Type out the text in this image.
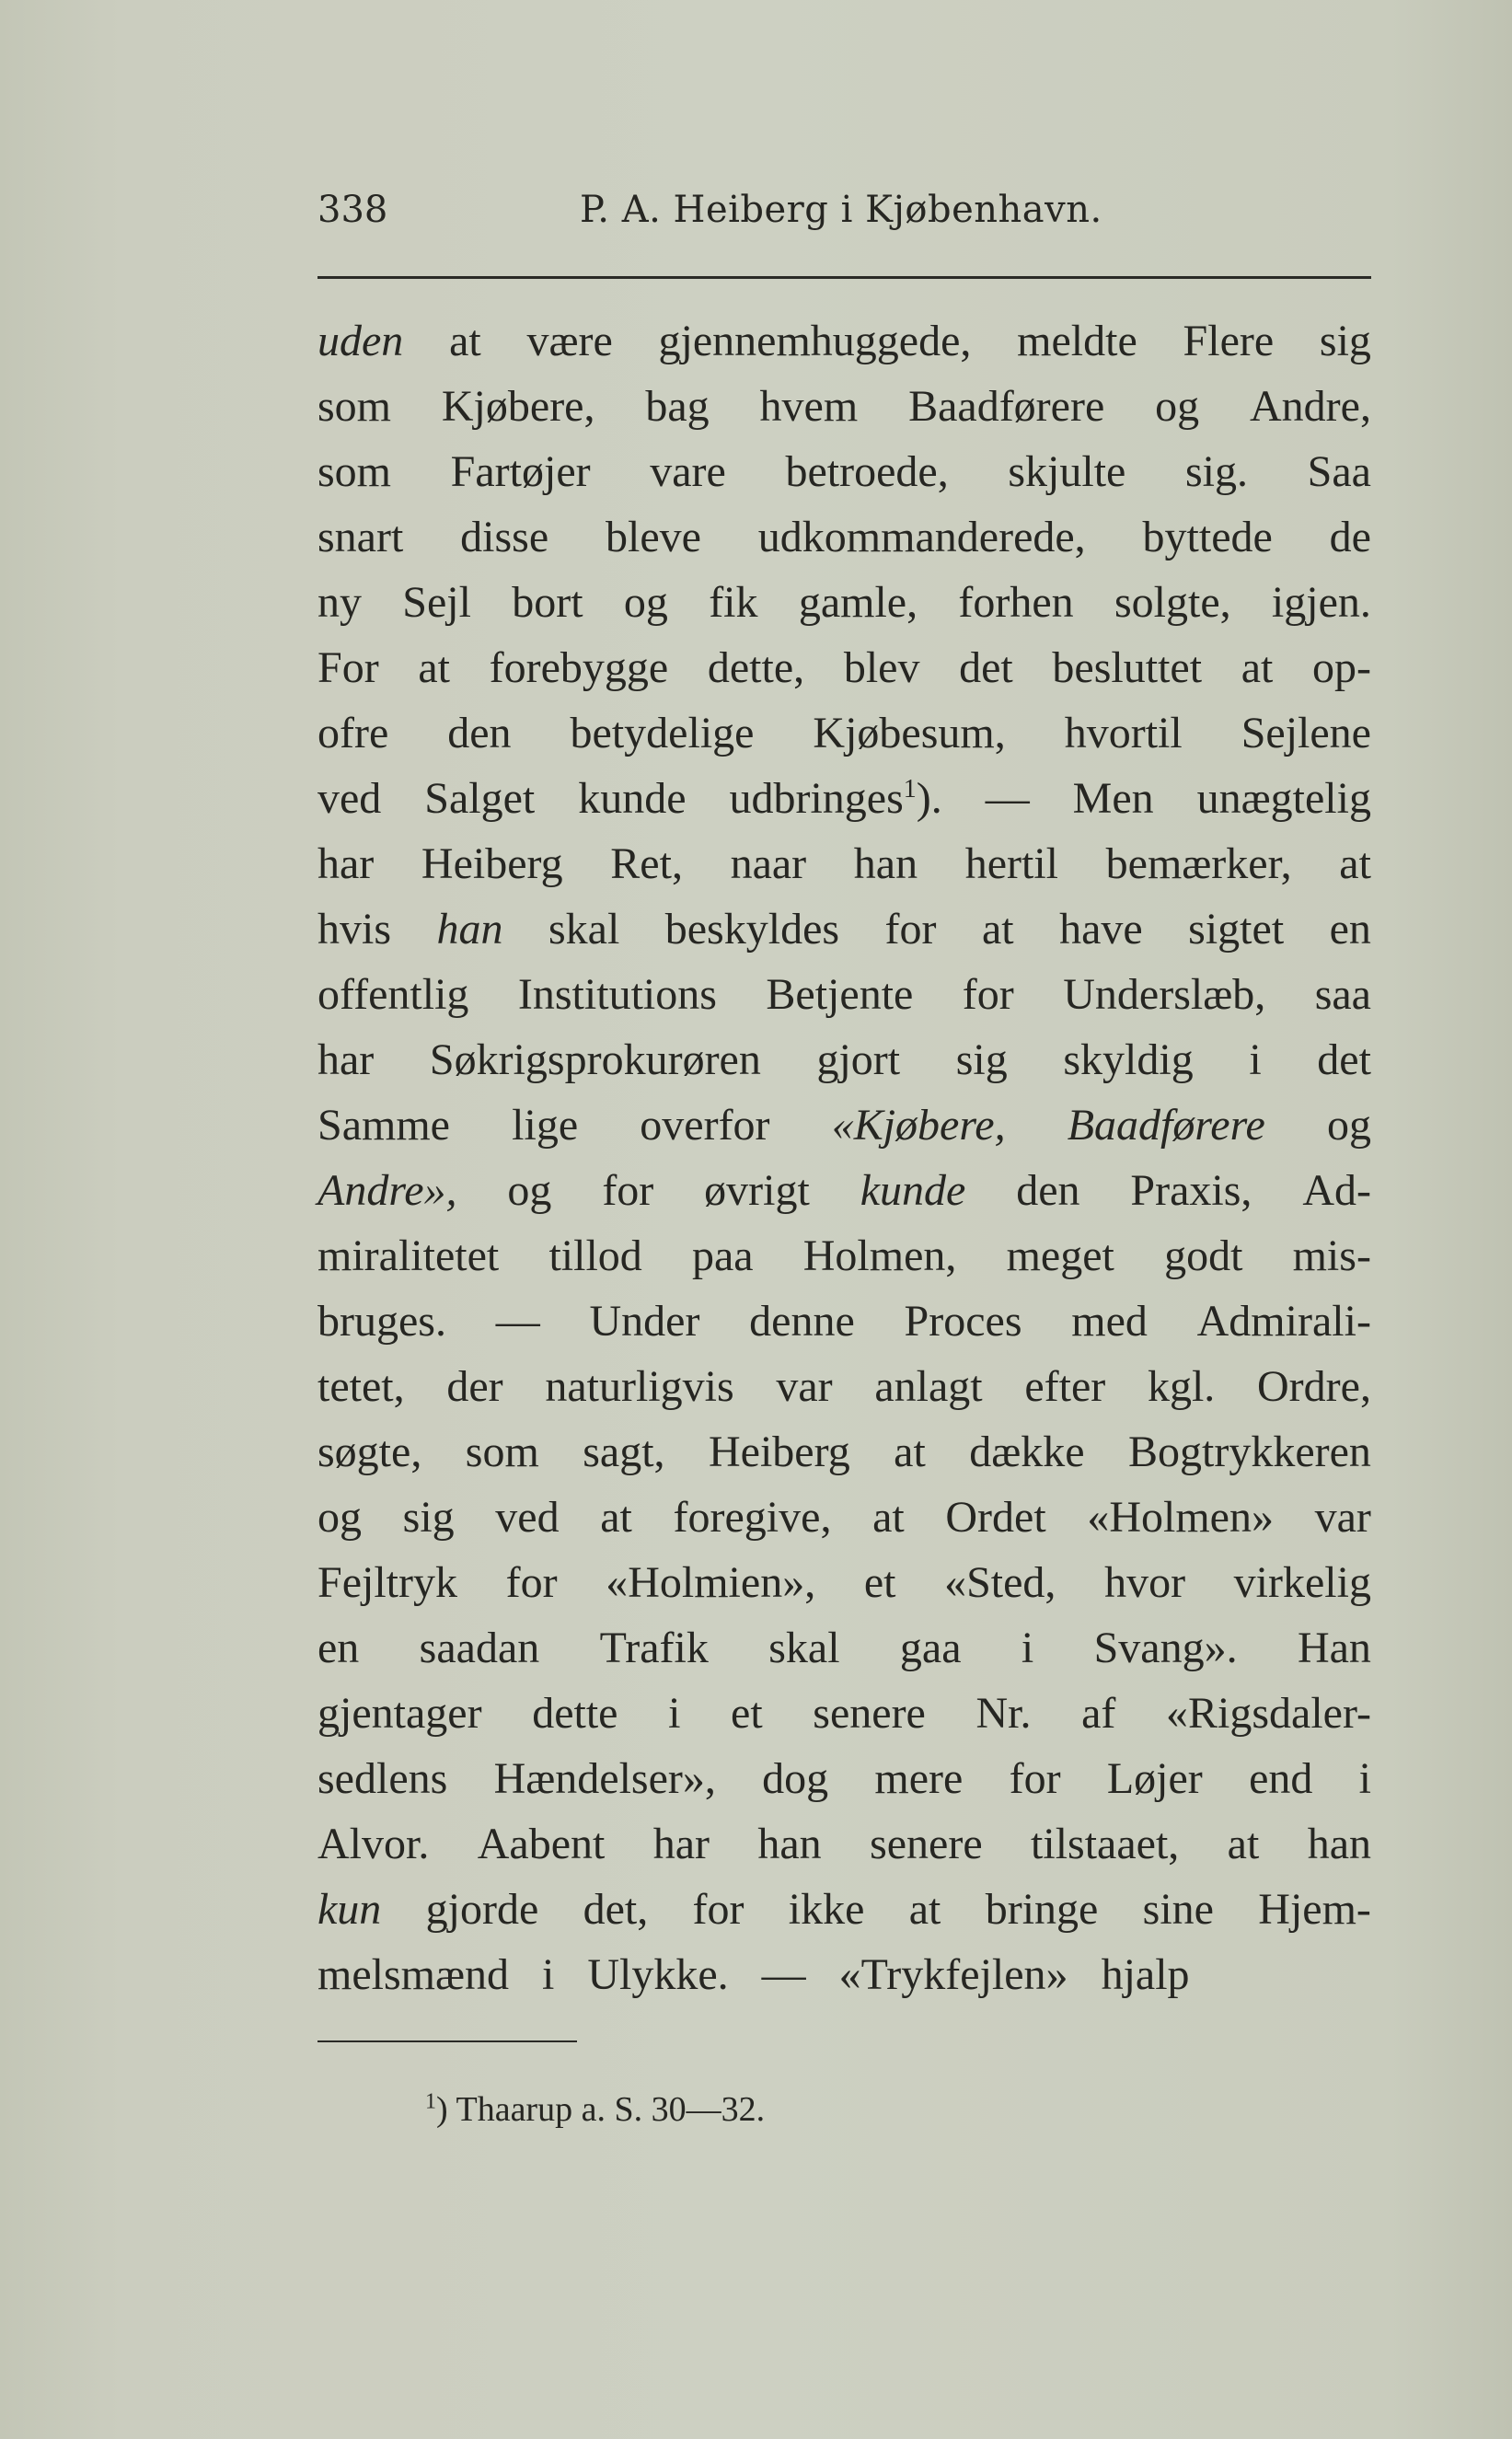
338	P. A. Heiberg i Kjøbenhavn.
uden at være gjennemhuggede, meldte Flere sig
som Kjøbere, bag hvem Baadførere og Andre,
som Fartøjer vare betroede, skjulte sig. Saa
snart disse bleve udkommanderede, byttede de
ny Sejl bort og fik gamle, forhen solgte, igjen.
For at forebygge dette, blev det besluttet at op-
ofre den betydelige Kjøbesum, hvortil Sejlene
ved Salget kunde udbringes$^1$). — Men unægtelig
har Heiberg Ret, naar han hertil bemærker, at
hvis han skal beskyldes for at have sigtet en
offentlig Institutions Betjente for Underslæb, saa
har Søkrigsprokurøren gjort sig skyldig i det
Samme lige overfor «Kjøbere, Baadførere og
Andre», og for øvrigt kunde den Praxis, Ad-
miralitetet tillod paa Holmen, meget godt mis-
bruges. — Under denne Proces med Admirali-
tetet, der naturligvis var anlagt efter kgl. Ordre,
søgte, som sagt, Heiberg at dække Bogtrykkeren
og sig ved at foregive, at Ordet «Holmen» var
Fejltryk for «Holmien», et «Sted, hvor virkelig
en saadan Trafik skal gaa i Svang». Han
gjentager dette i et senere Nr. af «Rigsdaler-
sedlens Hændelser», dog mere for Løjer end i
Alvor. Aabent har han senere tilstaaet, at han
kun gjorde det, for ikke at bringe sine Hjem-
melsmænd i Ulykke. — «Trykfejlen» hjalp
$^1$) Thaarup a. S. 30—32.
